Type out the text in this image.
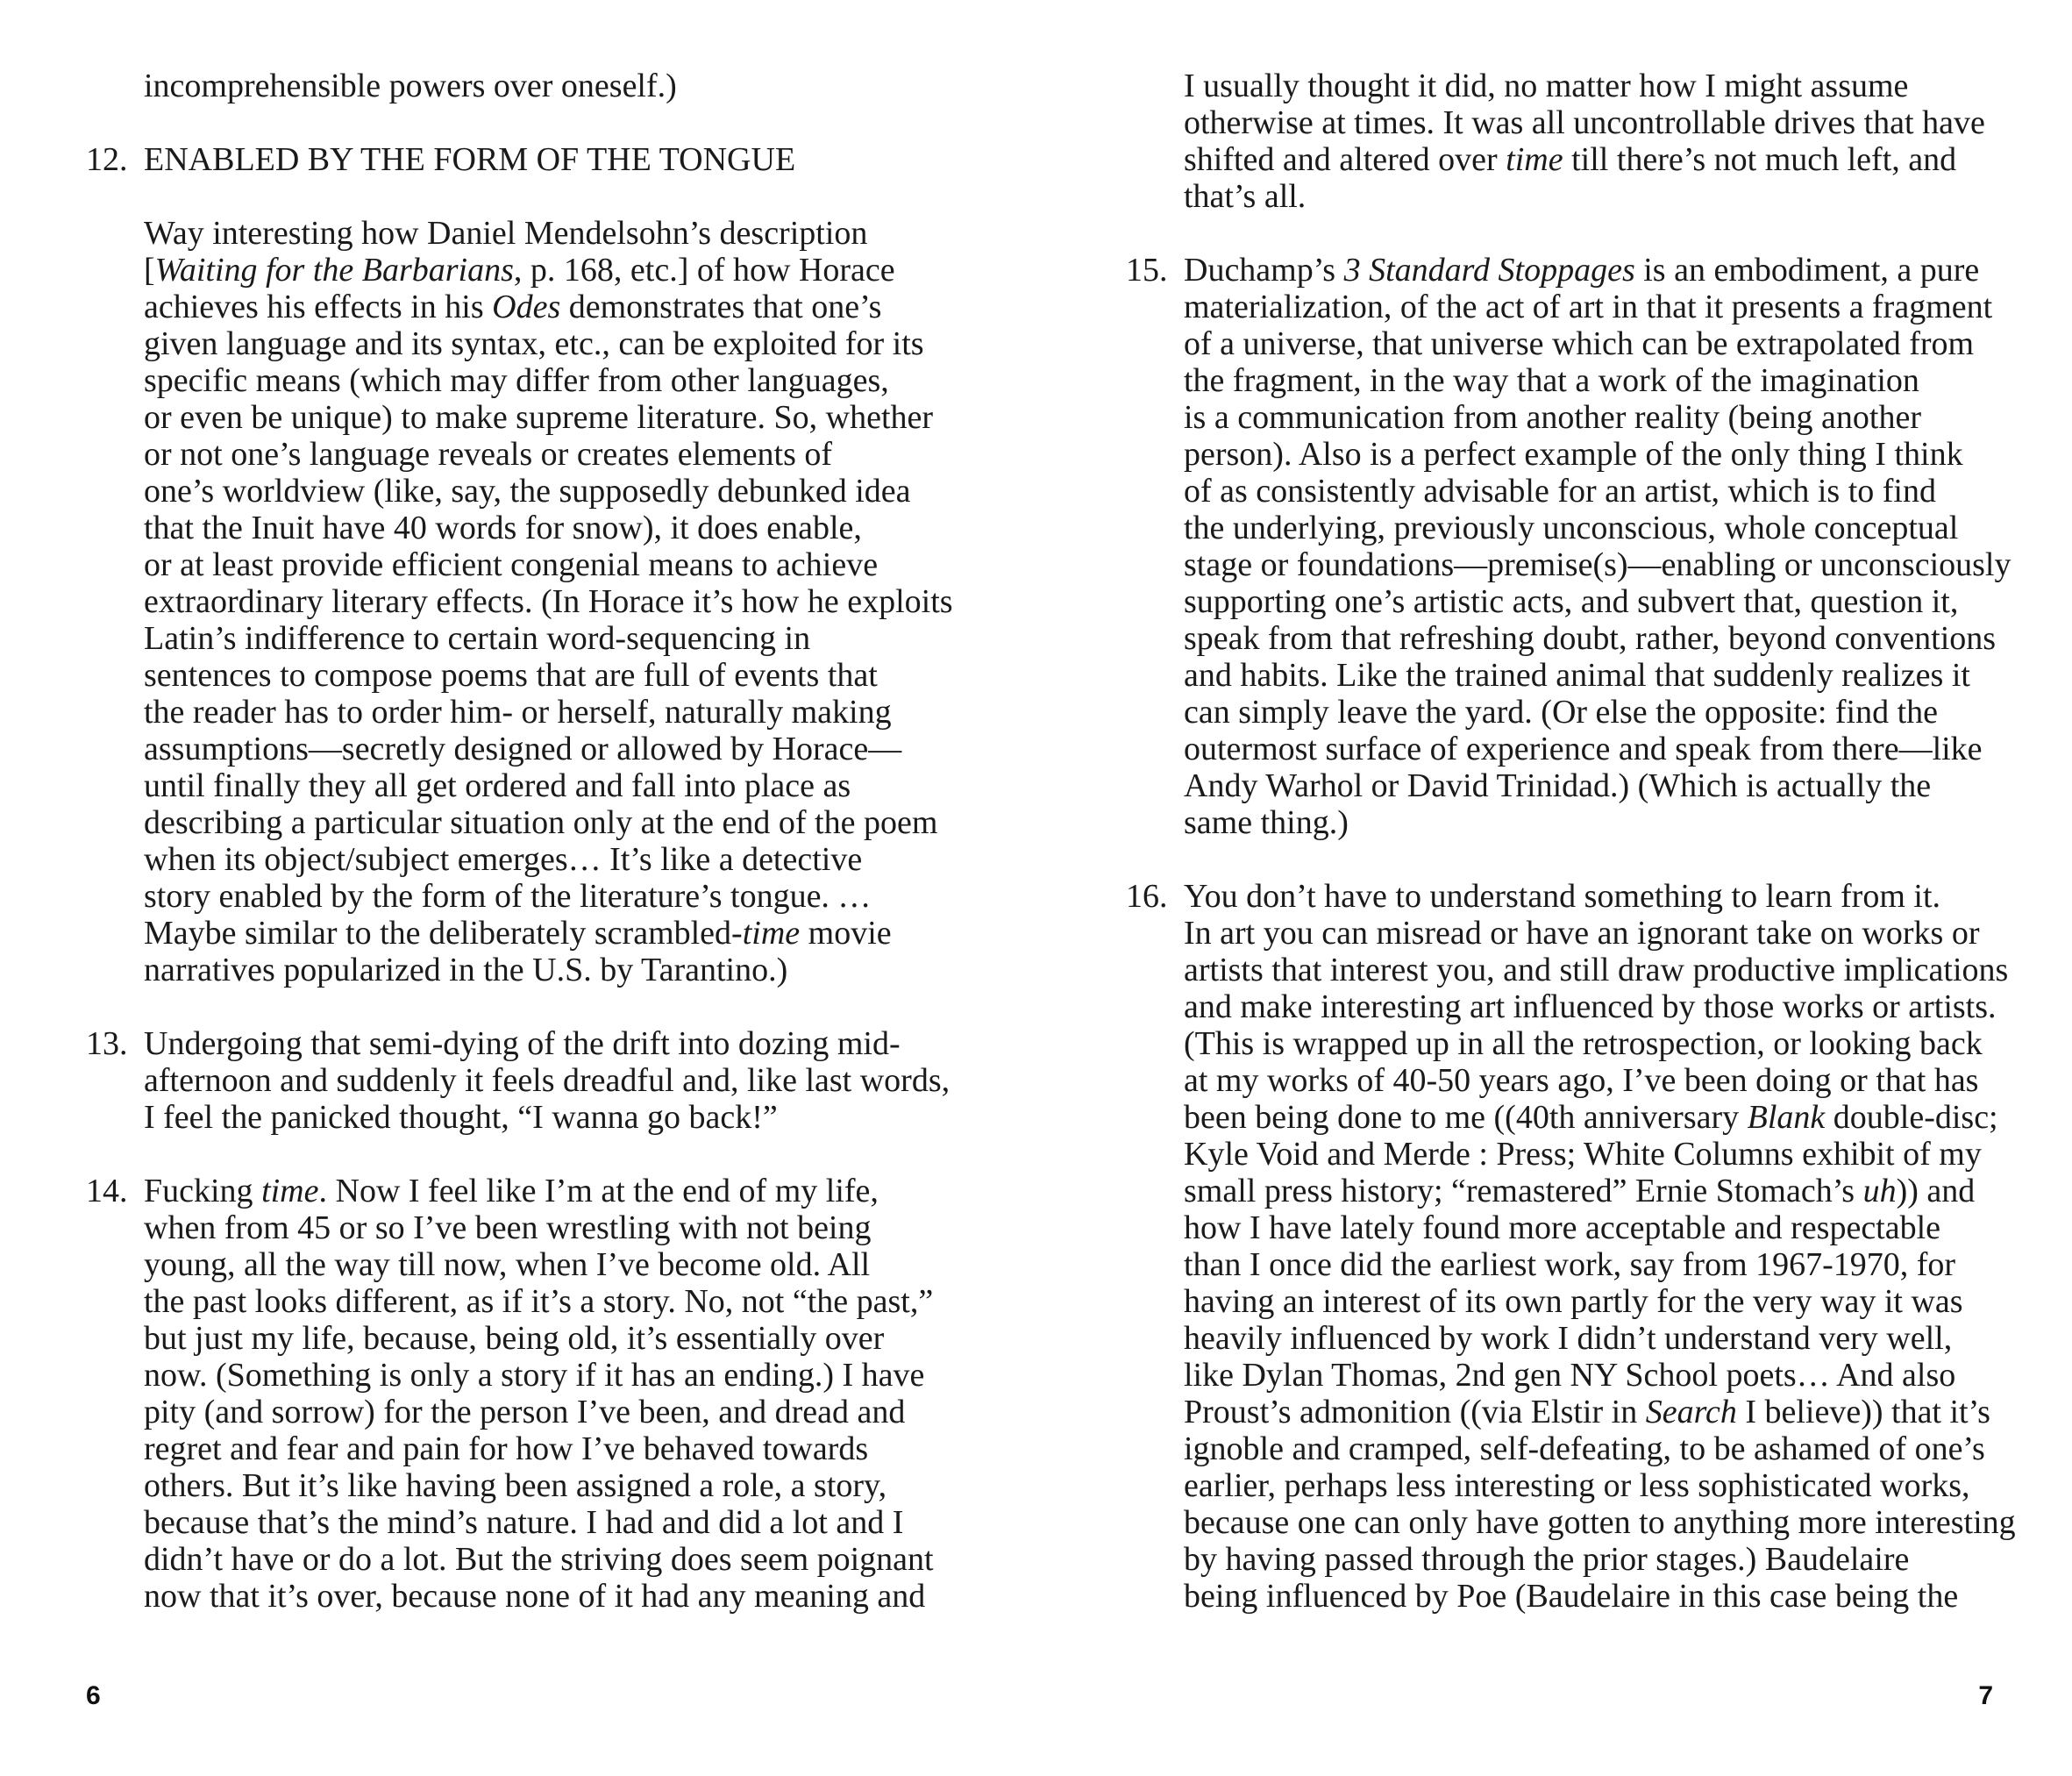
incomprehensible powers over oneself.)
12. ENABLED BY THE FORM OF THE TONGUE
Way interesting how Daniel Mendelsohn’s description
[Waiting for the Barbarians, p. 168, etc.] of how Horace
achieves his effects in his Odes demonstrates that one’s
given language and its syntax, etc., can be exploited for its
specific means (which may differ from other languages,
or even be unique) to make supreme literature. So, whether
or not one’s language reveals or creates elements of
one’s worldview (like, say, the supposedly debunked idea
that the Inuit have 40 words for snow), it does enable,
or at least provide efficient congenial means to achieve
extraordinary literary effects. (In Horace it’s how he exploits
Latin’s indifference to certain word-sequencing in
sentences to compose poems that are full of events that
the reader has to order him- or herself, naturally making
assumptions—secretly designed or allowed by Horace—
until finally they all get ordered and fall into place as
describing a particular situation only at the end of the poem
when its object/subject emerges… It’s like a detective
story enabled by the form of the literature’s tongue. …
Maybe similar to the deliberately scrambled-time movie
narratives popularized in the U.S. by Tarantino.)
13. Undergoing that semi-dying of the drift into dozing mid-
afternoon and suddenly it feels dreadful and, like last words,
I feel the panicked thought, “I wanna go back!”
14. Fucking time. Now I feel like I’m at the end of my life,
when from 45 or so I’ve been wrestling with not being
young, all the way till now, when I’ve become old. All
the past looks different, as if it’s a story. No, not “the past,”
but just my life, because, being old, it’s essentially over
now. (Something is only a story if it has an ending.) I have
pity (and sorrow) for the person I’ve been, and dread and
regret and fear and pain for how I’ve behaved towards
others. But it’s like having been assigned a role, a story,
because that’s the mind’s nature. I had and did a lot and I
didn’t have or do a lot. But the striving does seem poignant
now that it’s over, because none of it had any meaning and
6
I usually thought it did, no matter how I might assume
otherwise at times. It was all uncontrollable drives that have
shifted and altered over time till there’s not much left, and
that’s all.
15. Duchamp’s 3 Standard Stoppages is an embodiment, a pure
materialization, of the act of art in that it presents a fragment
of a universe, that universe which can be extrapolated from
the fragment, in the way that a work of the imagination
is a communication from another reality (being another
person). Also is a perfect example of the only thing I think
of as consistently advisable for an artist, which is to find
the underlying, previously unconscious, whole conceptual
stage or foundations—premise(s)—enabling or unconsciously
supporting one’s artistic acts, and subvert that, question it,
speak from that refreshing doubt, rather, beyond conventions
and habits. Like the trained animal that suddenly realizes it
can simply leave the yard. (Or else the opposite: find the
outermost surface of experience and speak from there—like
Andy Warhol or David Trinidad.) (Which is actually the
same thing.)
16. You don’t have to understand something to learn from it.
In art you can misread or have an ignorant take on works or
artists that interest you, and still draw productive implications
and make interesting art influenced by those works or artists.
(This is wrapped up in all the retrospection, or looking back
at my works of 40-50 years ago, I’ve been doing or that has
been being done to me ((40th anniversary Blank double-disc;
Kyle Void and Merde : Press; White Columns exhibit of my
small press history; “remastered” Ernie Stomach’s uh)) and
how I have lately found more acceptable and respectable
than I once did the earliest work, say from 1967-1970, for
having an interest of its own partly for the very way it was
heavily influenced by work I didn’t understand very well,
like Dylan Thomas, 2nd gen NY School poets… And also
Proust’s admonition ((via Elstir in Search I believe)) that it’s
ignoble and cramped, self-defeating, to be ashamed of one’s
earlier, perhaps less interesting or less sophisticated works,
because one can only have gotten to anything more interesting
by having passed through the prior stages.) Baudelaire
being influenced by Poe (Baudelaire in this case being the
7
